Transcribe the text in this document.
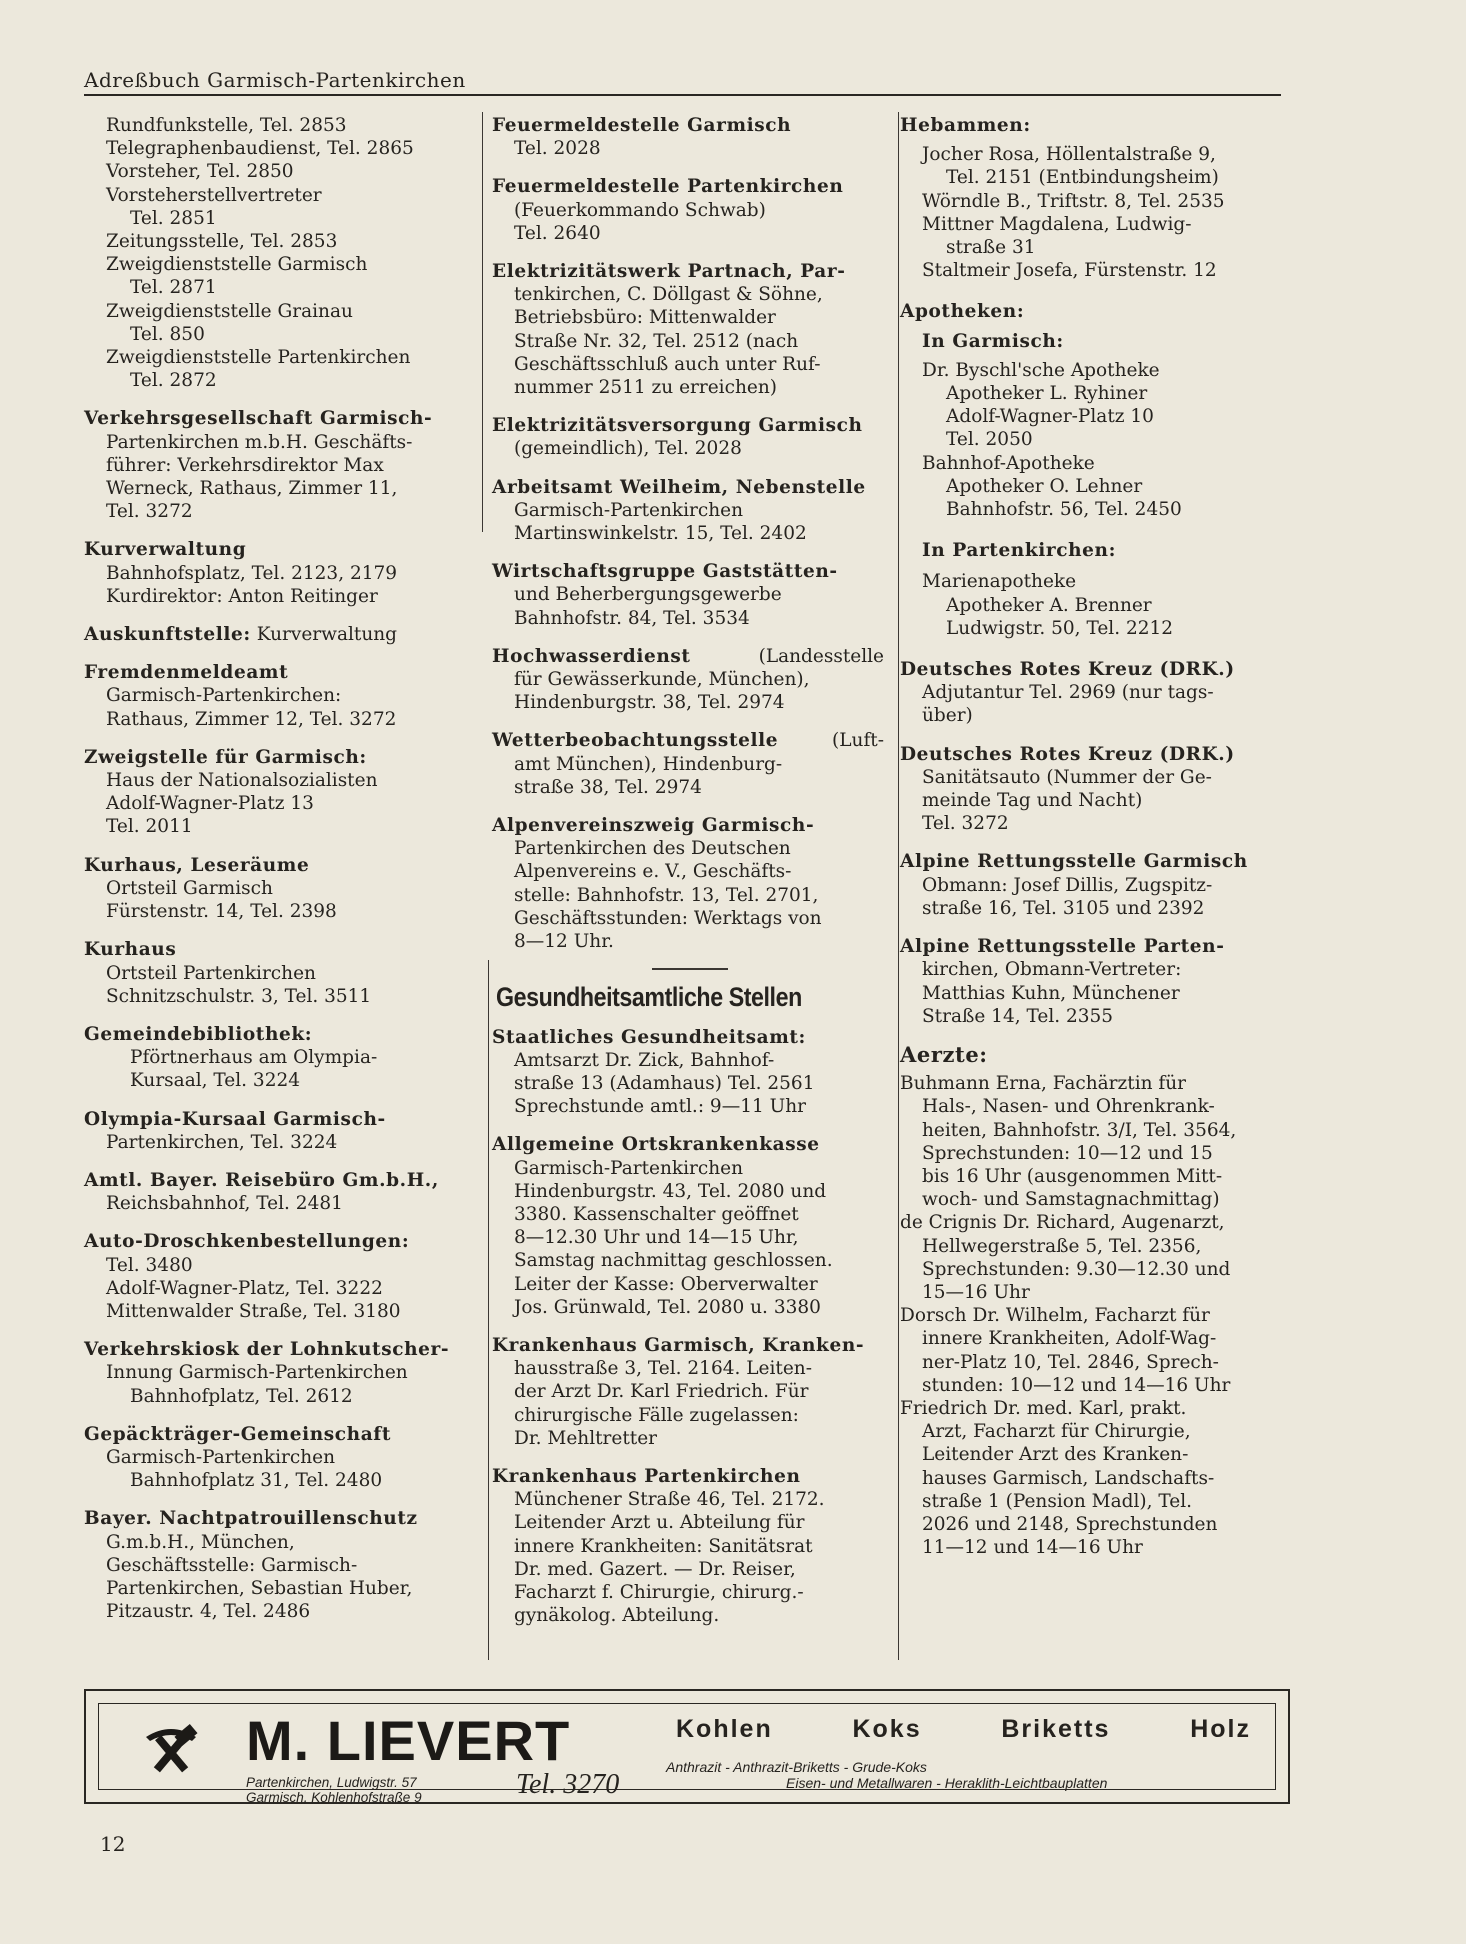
Adreßbuch Garmisch-Partenkirchen
Rundfunkstelle, Tel. 2853
Telegraphenbaudienst, Tel. 2865
Vorsteher, Tel. 2850
Vorsteherstellvertreter
Tel. 2851
Zeitungsstelle, Tel. 2853
Zweigdienststelle Garmisch
Tel. 2871
Zweigdienststelle Grainau
Tel. 850
Zweigdienststelle Partenkirchen
Tel. 2872
Verkehrsgesellschaft Garmisch-
Partenkirchen m.b.H. Geschäfts-
führer: Verkehrsdirektor Max
Werneck, Rathaus, Zimmer 11,
Tel. 3272
Kurverwaltung
Bahnhofsplatz, Tel. 2123, 2179
Kurdirektor: Anton Reitinger
Auskunftstelle: Kurverwaltung
Fremdenmeldeamt
Garmisch-Partenkirchen:
Rathaus, Zimmer 12, Tel. 3272
Zweigstelle für Garmisch:
Haus der Nationalsozialisten
Adolf-Wagner-Platz 13
Tel. 2011
Kurhaus, Leseräume
Ortsteil Garmisch
Fürstenstr. 14, Tel. 2398
Kurhaus
Ortsteil Partenkirchen
Schnitzschulstr. 3, Tel. 3511
Gemeindebibliothek:
Pförtnerhaus am Olympia-
Kursaal, Tel. 3224
Olympia-Kursaal Garmisch-
Partenkirchen, Tel. 3224
Amtl. Bayer. Reisebüro Gm.b.H.,
Reichsbahnhof, Tel. 2481
Auto-Droschkenbestellungen:
Tel. 3480
Adolf-Wagner-Platz, Tel. 3222
Mittenwalder Straße, Tel. 3180
Verkehrskiosk der Lohnkutscher-
Innung Garmisch-Partenkirchen
Bahnhofplatz, Tel. 2612
Gepäckträger-Gemeinschaft
Garmisch-Partenkirchen
Bahnhofplatz 31, Tel. 2480
Bayer. Nachtpatrouillenschutz
G.m.b.H., München,
Geschäftsstelle: Garmisch-
Partenkirchen, Sebastian Huber,
Pitzaustr. 4, Tel. 2486
Feuermeldestelle Garmisch
Tel. 2028
Feuermeldestelle Partenkirchen
(Feuerkommando Schwab)
Tel. 2640
Elektrizitätswerk Partnach, Par-
tenkirchen, C. Döllgast & Söhne,
Betriebsbüro: Mittenwalder
Straße Nr. 32, Tel. 2512 (nach
Geschäftsschluß auch unter Ruf-
nummer 2511 zu erreichen)
Elektrizitätsversorgung Garmisch
(gemeindlich), Tel. 2028
Arbeitsamt Weilheim, Nebenstelle
Garmisch-Partenkirchen
Martinswinkelstr. 15, Tel. 2402
Wirtschaftsgruppe Gaststätten-
und Beherbergungsgewerbe
Bahnhofstr. 84, Tel. 3534
Hochwasserdienst	(Landesstelle
für Gewässerkunde, München),
Hindenburgstr. 38, Tel. 2974
Wetterbeobachtungsstelle	(Luft-
amt München), Hindenburg-
straße 38, Tel. 2974
Alpenvereinszweig Garmisch-
Partenkirchen des Deutschen
Alpenvereins e. V., Geschäfts-
stelle: Bahnhofstr. 13, Tel. 2701,
Geschäftsstunden: Werktags von
8—12 Uhr.
Gesundheitsamtliche Stellen
Staatliches Gesundheitsamt:
Amtsarzt Dr. Zick, Bahnhof-
straße 13 (Adamhaus) Tel. 2561
Sprechstunde amtl.: 9—11 Uhr
Allgemeine Ortskrankenkasse
Garmisch-Partenkirchen
Hindenburgstr. 43, Tel. 2080 und
3380. Kassenschalter geöffnet
8—12.30 Uhr und 14—15 Uhr,
Samstag nachmittag geschlossen.
Leiter der Kasse: Oberverwalter
Jos. Grünwald, Tel. 2080 u. 3380
Krankenhaus Garmisch, Kranken-
hausstraße 3, Tel. 2164. Leiten-
der Arzt Dr. Karl Friedrich. Für
chirurgische Fälle zugelassen:
Dr. Mehltretter
Krankenhaus Partenkirchen
Münchener Straße 46, Tel. 2172.
Leitender Arzt u. Abteilung für
innere Krankheiten: Sanitätsrat
Dr. med. Gazert. — Dr. Reiser,
Facharzt f. Chirurgie, chirurg.-
gynäkolog. Abteilung.
Hebammen:
Jocher Rosa, Höllentalstraße 9,
Tel. 2151 (Entbindungsheim)
Wörndle B., Triftstr. 8, Tel. 2535
Mittner Magdalena, Ludwig-
straße 31
Staltmeir Josefa, Fürstenstr. 12
Apotheken:
In Garmisch:
Dr. Byschl'sche Apotheke
Apotheker L. Ryhiner
Adolf-Wagner-Platz 10
Tel. 2050
Bahnhof-Apotheke
Apotheker O. Lehner
Bahnhofstr. 56, Tel. 2450
In Partenkirchen:
Marienapotheke
Apotheker A. Brenner
Ludwigstr. 50, Tel. 2212
Deutsches Rotes Kreuz (DRK.)
Adjutantur Tel. 2969 (nur tags-
über)
Deutsches Rotes Kreuz (DRK.)
Sanitätsauto (Nummer der Ge-
meinde Tag und Nacht)
Tel. 3272
Alpine Rettungsstelle Garmisch
Obmann: Josef Dillis, Zugspitz-
straße 16, Tel. 3105 und 2392
Alpine Rettungsstelle Parten-
kirchen, Obmann-Vertreter:
Matthias Kuhn, Münchener
Straße 14, Tel. 2355
Aerzte:
Buhmann Erna, Fachärztin für
Hals-, Nasen- und Ohrenkrank-
heiten, Bahnhofstr. 3/I, Tel. 3564,
Sprechstunden: 10—12 und 15
bis 16 Uhr (ausgenommen Mitt-
woch- und Samstagnachmittag)
de Crignis Dr. Richard, Augenarzt,
Hellwegerstraße 5, Tel. 2356,
Sprechstunden: 9.30—12.30 und
15—16 Uhr
Dorsch Dr. Wilhelm, Facharzt für
innere Krankheiten, Adolf-Wag-
ner-Platz 10, Tel. 2846, Sprech-
stunden: 10—12 und 14—16 Uhr
Friedrich Dr. med. Karl, prakt.
Arzt, Facharzt für Chirurgie,
Leitender Arzt des Kranken-
hauses Garmisch, Landschafts-
straße 1 (Pension Madl), Tel.
2026 und 2148, Sprechstunden
11—12 und 14—16 Uhr
M. LIEVERT	Kohlen	Koks	Briketts	Holz
Partenkirchen, Ludwigstr. 57
Garmisch, Kohlenhofstraße 9	Tel. 3270
Anthrazit - Anthrazit-Briketts - Grude-Koks
Eisen- und Metallwaren - Heraklith-Leichtbauplatten
12
